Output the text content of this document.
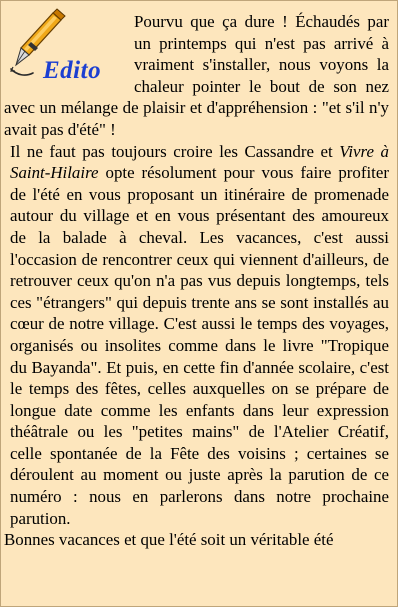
Edito

Pourvu que ça dure ! Échaudés par un printemps qui n'est pas arrivé à vraiment s'installer, nous voyons la chaleur pointer le bout de son nez avec un mélange de plaisir et d'appréhension : "et s'il n'y avait pas d'été" !

Il ne faut pas toujours croire les Cassandre et Vivre à Saint-Hilaire opte résolument pour vous faire profiter de l'été en vous proposant un itinéraire de promenade autour du village et en vous présentant des amoureux de la balade à cheval. Les vacances, c'est aussi l'occasion de rencontrer ceux qui viennent d'ailleurs, de retrouver ceux qu'on n'a pas vus depuis longtemps, tels ces "étrangers" qui depuis trente ans se sont installés au cœur de notre village. C'est aussi le temps des voyages, organisés ou insolites comme dans le livre "Tropique du Bayanda". Et puis, en cette fin d'année scolaire, c'est le temps des fêtes, celles auxquelles on se prépare de longue date comme les enfants dans leur expression théâtrale ou les "petites mains" de l'Atelier Créatif, celle spontanée de la Fête des voisins ; certaines se déroulent au moment ou juste après la parution de ce numéro : nous en parlerons dans notre prochaine parution.

Bonnes vacances et que l'été soit un véritable été
